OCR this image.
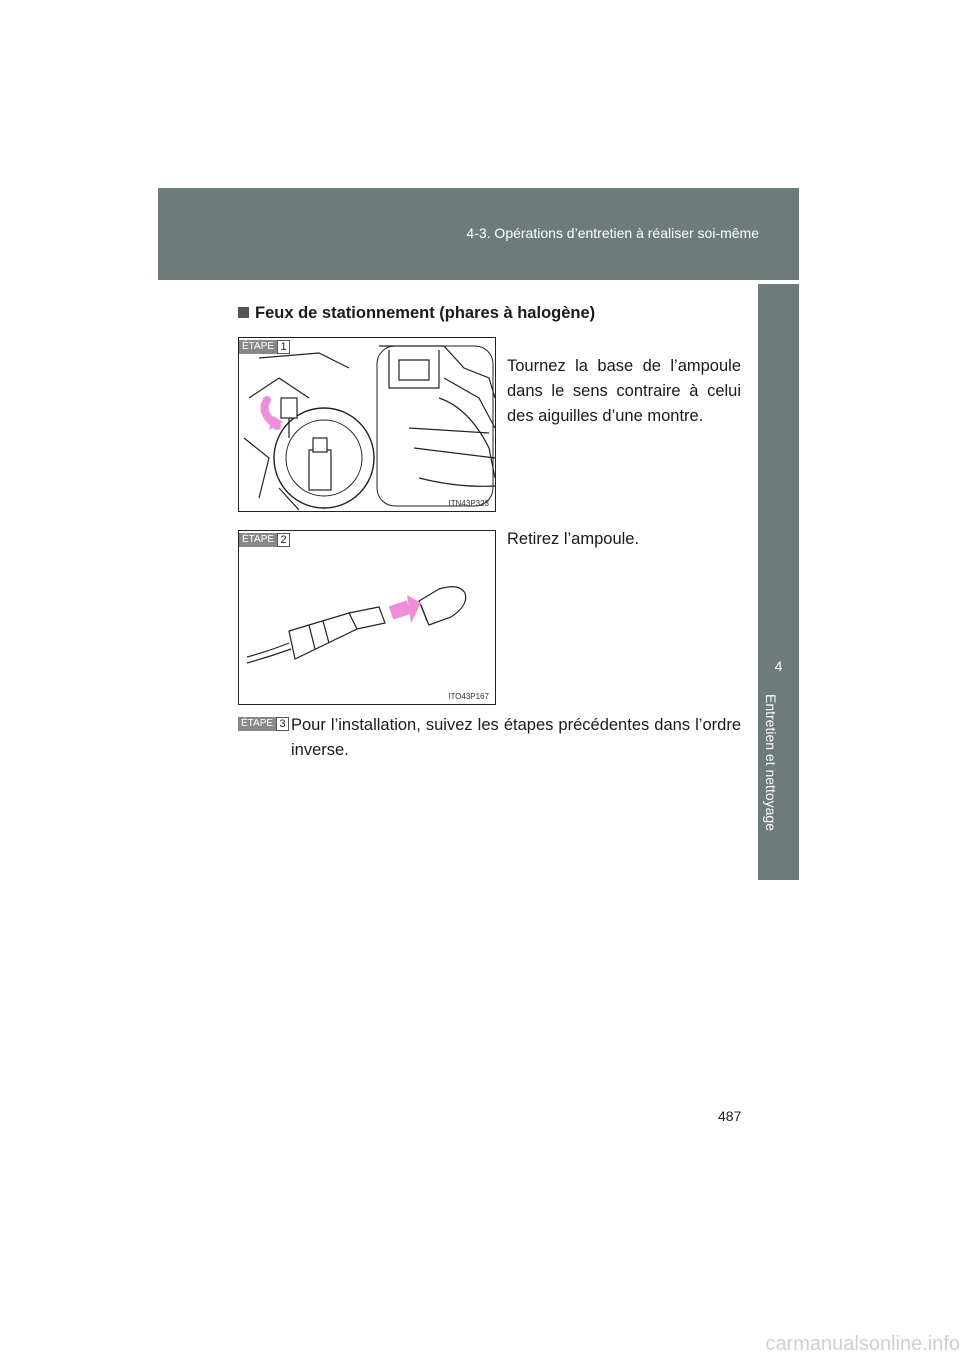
4-3. Opérations d’entretien à réaliser soi-même
4
Entretien et nettoyage
Feux de stationnement (phares à halogène)
ÉTAPE 1
ITN43P323
Tournez la base de l’ampoule dans le sens contraire à celui des aiguilles d’une montre.
ÉTAPE 2
ITO43P167
Retirez l’ampoule.
ÉTAPE 3 Pour l’installation, suivez les étapes précédentes dans l’ordre inverse.
487
carmanualsonline.info
